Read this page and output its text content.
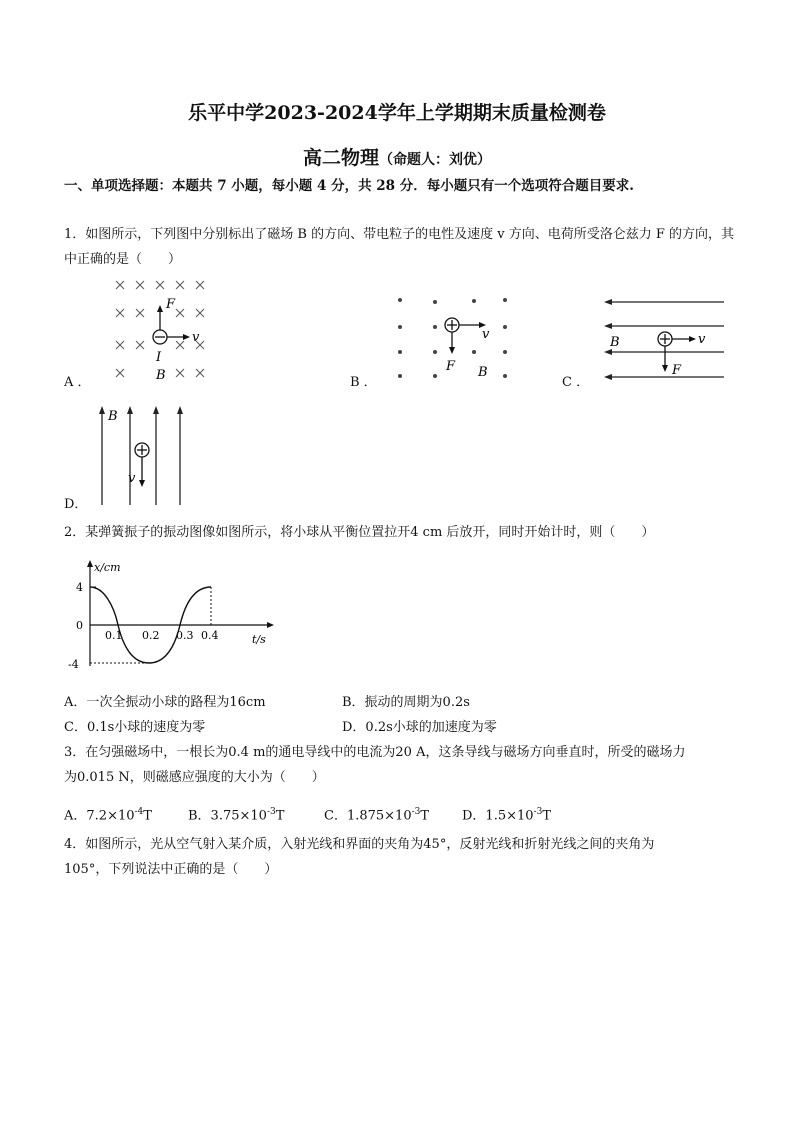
乐平中学2023-2024学年上学期期末质量检测卷
高二物理（命题人：刘优）
一、单项选择题：本题共 7 小题，每小题 4 分，共 28 分．每小题只有一个选项符合题目要求.
1．如图所示，下列图中分别标出了磁场 B 的方向、带电粒子的电性及速度 v 方向、电荷所受洛仑兹力 F 的方向，其中正确的是（　　）
F
v
I
B
A ．
v
F B
B ．
B	v
F
C ．
B
v
D．
2．某弹簧振子的振动图像如图所示，将小球从平衡位置拉开4 cm 后放开，同时开始计时，则（　　）
x/cm
t/s
4
0
-4
0.1 0.2 0.3 0.4
A．一次全振动小球的路程为16cm	B．振动的周期为0.2s
C．0.1s小球的速度为零	D．0.2s小球的加速度为零
3．在匀强磁场中，一根长为0.4 m的通电导线中的电流为20 A，这条导线与磁场方向垂直时，所受的磁场力
为0.015 N，则磁感应强度的大小为（　　）
A．$7.2\times 10^{-4}T$	B．$3.75\times 10^{-3}T$	C．$1.875\times 10^{-3}T$	D．$1.5\times 10^{-3}T$
4．如图所示，光从空气射入某介质，入射光线和界面的夹角为45°，反射光线和折射光线之间的夹角为
105°，下列说法中正确的是（　　）
